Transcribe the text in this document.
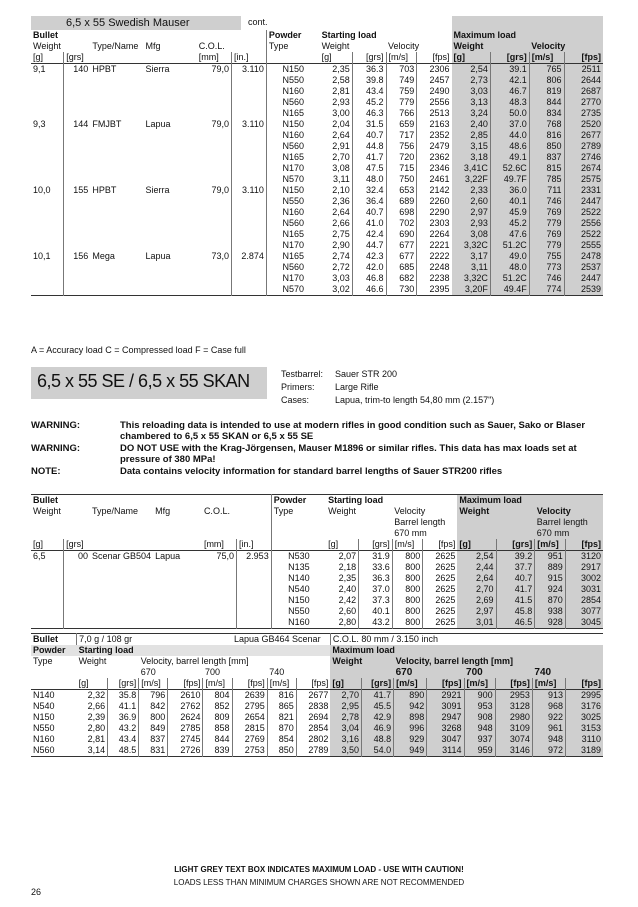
6,5 x 55 Swedish Mauser	cont.

Bullet						Powder	Starting load				Maximum load			
Weight		Type/Name	Mfg	C.O.L.		Type	Weight		Velocity		Weight		Velocity	
[g]	[grs]			[mm]	[in.]		[g]	[grs]	[m/s]	[fps]	[g]	[grs]	[m/s]	[fps]
9,1	140	HPBT	Sierra	79,0	3.110	N150	2,35	36.3	703	2306	2,54	39.1	765	2511
						N550	2,58	39.8	749	2457	2,73	42.1	806	2644
						N160	2,81	43.4	759	2490	3,03	46.7	819	2687
						N560	2,93	45.2	779	2556	3,13	48.3	844	2770
						N165	3,00	46.3	766	2513	3,24	50.0	834	2735
9,3	144	FMJBT	Lapua	79,0	3.110	N150	2,04	31.5	659	2163	2,40	37.0	768	2520
						N160	2,64	40.7	717	2352	2,85	44.0	816	2677
						N560	2,91	44.8	756	2479	3,15	48.6	850	2789
						N165	2,70	41.7	720	2362	3,18	49.1	837	2746
						N170	3,08	47.5	715	2346	3,41C	52.6C	815	2674
						N570	3,11	48.0	750	2461	3,22F	49.7F	785	2575
10,0	155	HPBT	Sierra	79,0	3.110	N150	2,10	32.4	653	2142	2,33	36.0	711	2331
						N550	2,36	36.4	689	2260	2,60	40.1	746	2447
						N160	2,64	40.7	698	2290	2,97	45.9	769	2522
						N560	2,66	41.0	702	2303	2,93	45.2	779	2556
						N165	2,75	42.4	690	2264	3,08	47.6	769	2522
						N170	2,90	44.7	677	2221	3,32C	51.2C	779	2555
10,1	156	Mega	Lapua	73,0	2.874	N165	2,74	42.3	677	2222	3,17	49.0	755	2478
						N560	2,72	42.0	685	2248	3,11	48.0	773	2537
						N170	3,03	46.8	682	2238	3,32C	51.2C	746	2447
						N570	3,02	46.6	730	2395	3,20F	49.4F	774	2539
A = Accuracy load C = Compressed load F = Case full
6,5 x 55 SE / 6,5 x 55 SKAN	Testbarrel: Sauer STR 200
Primers: Large Rifle
Cases:	Lapua, trim-to length 54,80 mm (2.157")
WARNING:	This reloading data is intended to use at modern rifles in good condition such as Sauer, Sako or Blaser chambered to 6,5 x 55 SKAN or 6,5 x 55 SE
WARNING:	DO NOT USE with the Krag-Jörgensen, Mauser M1896 or similar rifles. This data has max loads set at pressure of 380 MPa!
NOTE:	Data contains velocity information for standard barrel lengths of Sauer STR200 rifles
Bullet						Powder	Starting load				Maximum load			
Weight		Type/Name	Mfg	C.O.L.		Type	Weight		Velocity		Weight		Velocity	
									Barrel length				Barrel length	
									670 mm				670 mm	
[g]	[grs]			[mm]	[in.]		[g]	[grs]	[m/s]	[fps]	[g]	[grs]	[m/s]	[fps]
6,5	00	Scenar GB504	Lapua	75,0	2.953	N530	2,07	31.9	800	2625	2,54	39.2	951	3120
						N135	2,18	33.6	800	2625	2,44	37.7	889	2917
						N140	2,35	36.3	800	2625	2,64	40.7	915	3002
						N540	2,40	37.0	800	2625	2,70	41.7	924	3031
						N150	2,42	37.3	800	2625	2,69	41.5	870	2854
						N550	2,60	40.1	800	2625	2,97	45.8	938	3077
						N160	2,80	43.2	800	2625	3,01	46.5	928	3045
Bullet	7,0 g / 108 gr					Lapua GB464 Scenar			C.O.L. 80 mm / 3.150 inch							
Powder	Starting load								Maximum load							
Type	Weight		Velocity, barrel length [mm]						Weight		Velocity, barrel length [mm]					
			670		700		740				670		700		740	
	[g]	[grs]	[m/s]	[fps]	[m/s]	[fps]	[m/s]	[fps]	[g]	[grs]	[m/s]	[fps]	[m/s]	[fps]	[m/s]	[fps]
N140	2,32	35.8	796	2610	804	2639	816	2677	2,70	41.7	890	2921	900	2953	913	2995
N540	2,66	41.1	842	2762	852	2795	865	2838	2,95	45.5	942	3091	953	3128	968	3176
N150	2,39	36.9	800	2624	809	2654	821	2694	2,78	42.9	898	2947	908	2980	922	3025
N550	2,80	43.2	849	2785	858	2815	870	2854	3,04	46.9	996	3268	948	3109	961	3153
N160	2,81	43.4	837	2745	844	2769	854	2802	3,16	48.8	929	3047	937	3074	948	3110
N560	3,14	48.5	831	2726	839	2753	850	2789	3,50	54.0	949	3114	959	3146	972	3189
LIGHT GREY TEXT BOX INDICATES MAXIMUM LOAD - USE WITH CAUTION!
LOADS LESS THAN MINIMUM CHARGES SHOWN ARE NOT RECOMMENDED
26
